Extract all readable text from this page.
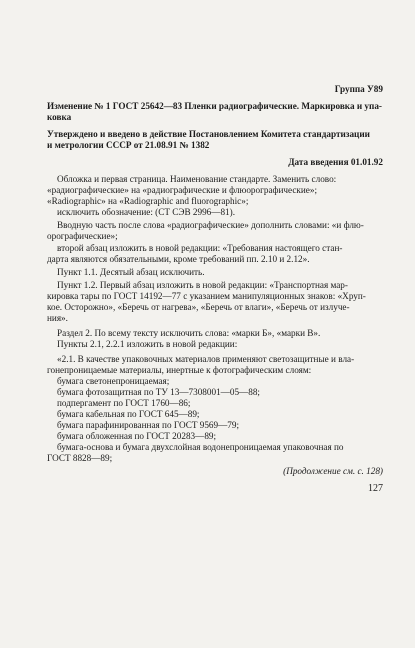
Группа У89
Изменение № 1 ГОСТ 25642—83 Пленки радиографические. Маркировка и упа-
ковка
Утверждено и введено в действие Постановлением Комитета стандартизации
и метрологии СССР от 21.08.91 № 1382
Дата введения 01.01.92
Обложка и первая страница. Наименование стандарте. Заменить слово:
«радиографические» на «радиографические и флюорографические»;
«Radiographic» на «Radiographic and fluorographic»;
исключить обозначение: (СТ СЭВ 2996—81).
Вводную часть после слова «радиографические» дополнить словами: «и флю-
орографические»;
второй абзац изложить в новой редакции: «Требования настоящего стан-
дарта являются обязательными, кроме требований пп. 2.10 и 2.12».
Пункт 1.1. Десятый абзац исключить.
Пункт 1.2. Первый абзац изложить в новой редакции: «Транспортная мар-
кировка тары по ГОСТ 14192—77 с указанием манипуляционных знаков: «Хруп-
кое. Осторожно», «Беречь от нагрева», «Беречь от влаги», «Беречь от излуче-
ния».
Раздел 2. По всему тексту исключить слова: «марки Б», «марки В».
Пункты 2.1, 2.2.1 изложить в новой редакции:
«2.1. В качестве упаковочных материалов применяют светозащитные и вла-
гонепроницаемые материалы, инертные к фотографическим слоям:
бумага светонепроницаемая;
бумага фотозащитная по ТУ 13—7308001—05—88;
подпергамент по ГОСТ 1760—86;
бумага кабельная по ГОСТ 645—89;
бумага парафинированная по ГОСТ 9569—79;
бумага обложенная по ГОСТ 20283—89;
бумага-основа и бумага двухслойная водонепроницаемая упаковочная по
ГОСТ 8828—89;
(Продолжение см. с. 128)
127
